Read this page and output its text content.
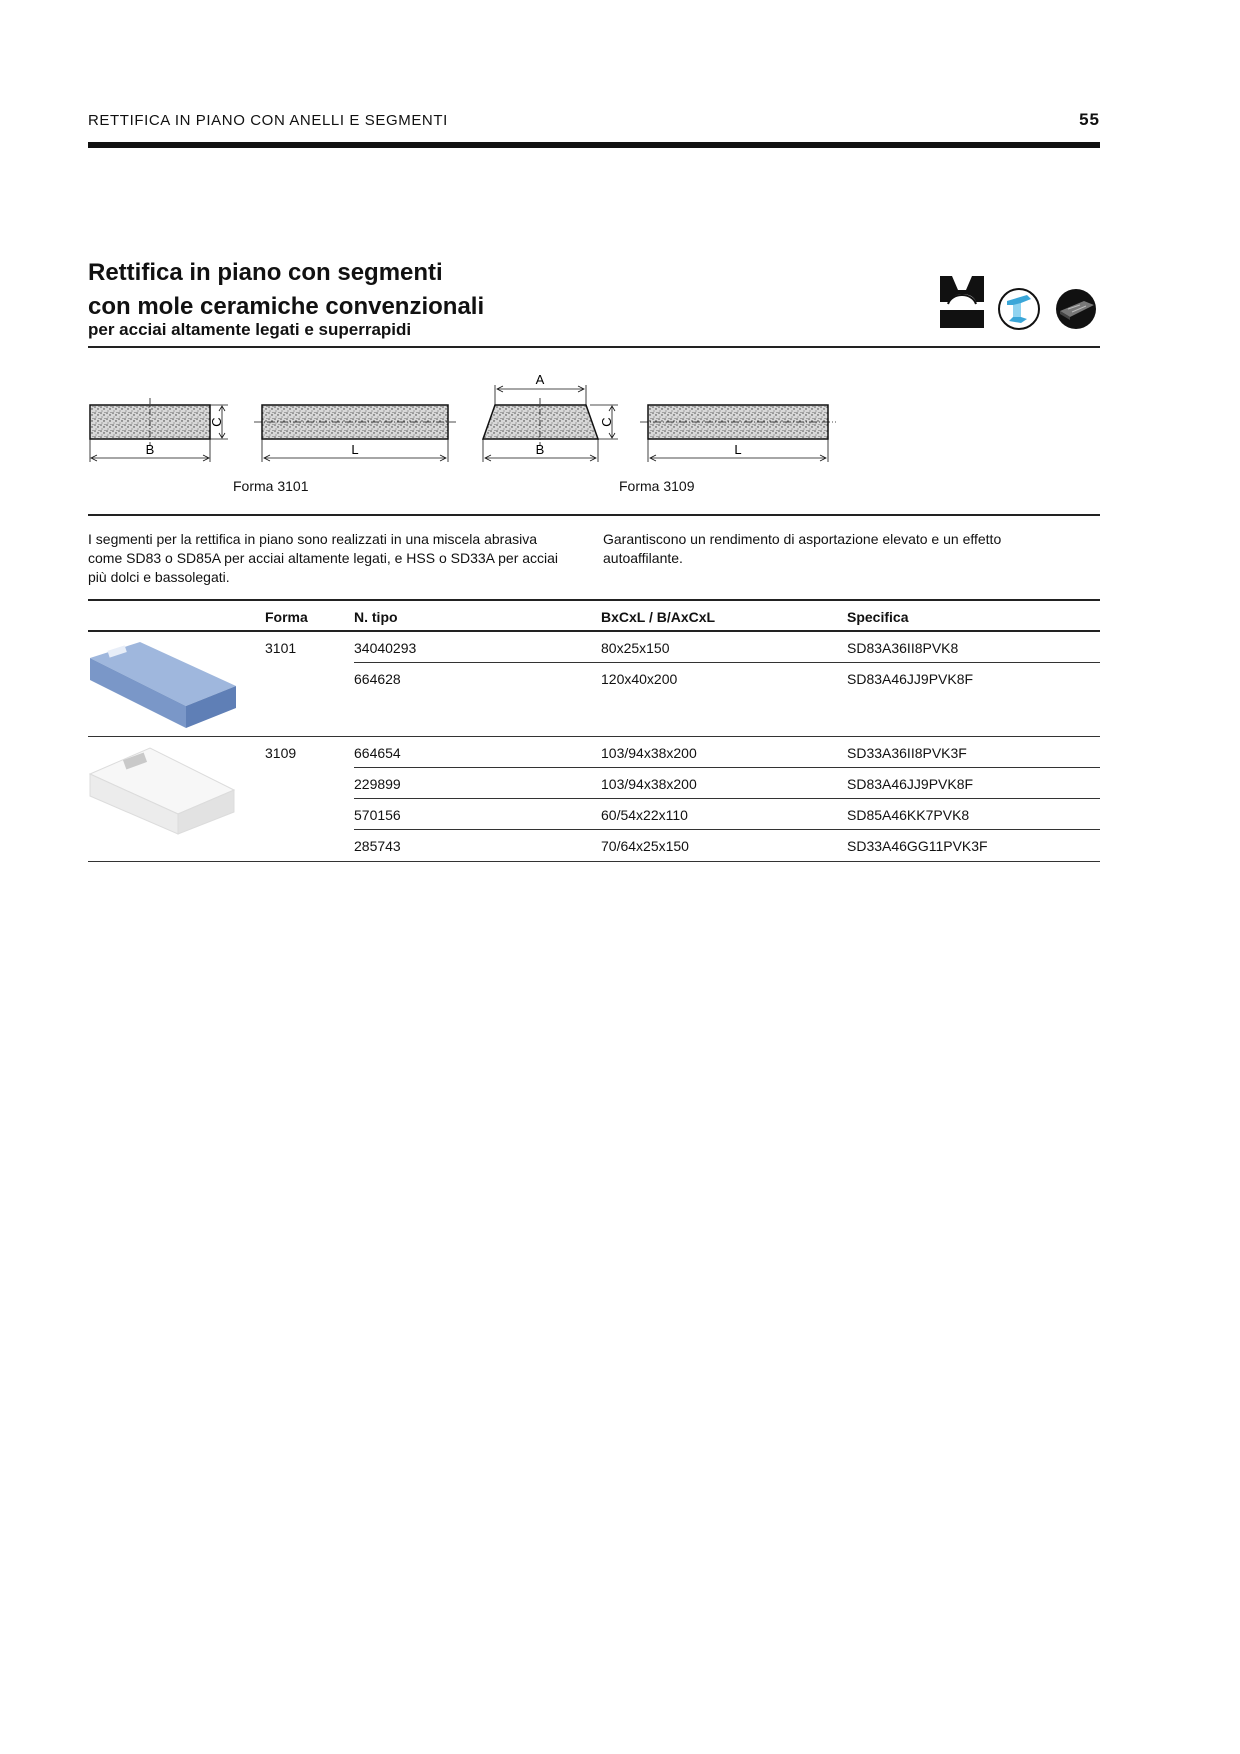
RETTIFICA IN PIANO CON ANELLI E SEGMENTI	55
Rettifica in piano con segmenti
con mole ceramiche convenzionali
per acciai altamente legati e superrapidi
C
B	L
A
C
B	L
Forma 3101	Forma 3109
I segmenti per la rettifica in piano sono realizzati in una miscela abrasiva come SD83 o SD85A per acciai altamente legati, e HSS o SD33A per acciai più dolci e bassolegati.
Garantiscono un rendimento di asportazione elevato e un effetto autoaffilante.
Forma	N. tipo	BxCxL / B/AxCxL	Specifica
3101	34040293	80x25x150	SD83A36II8PVK8
664628	120x40x200	SD83A46JJ9PVK8F
3109	664654	103/94x38x200	SD33A36II8PVK3F
229899	103/94x38x200	SD83A46JJ9PVK8F
570156	60/54x22x110	SD85A46KK7PVK8
285743	70/64x25x150	SD33A46GG11PVK3F
